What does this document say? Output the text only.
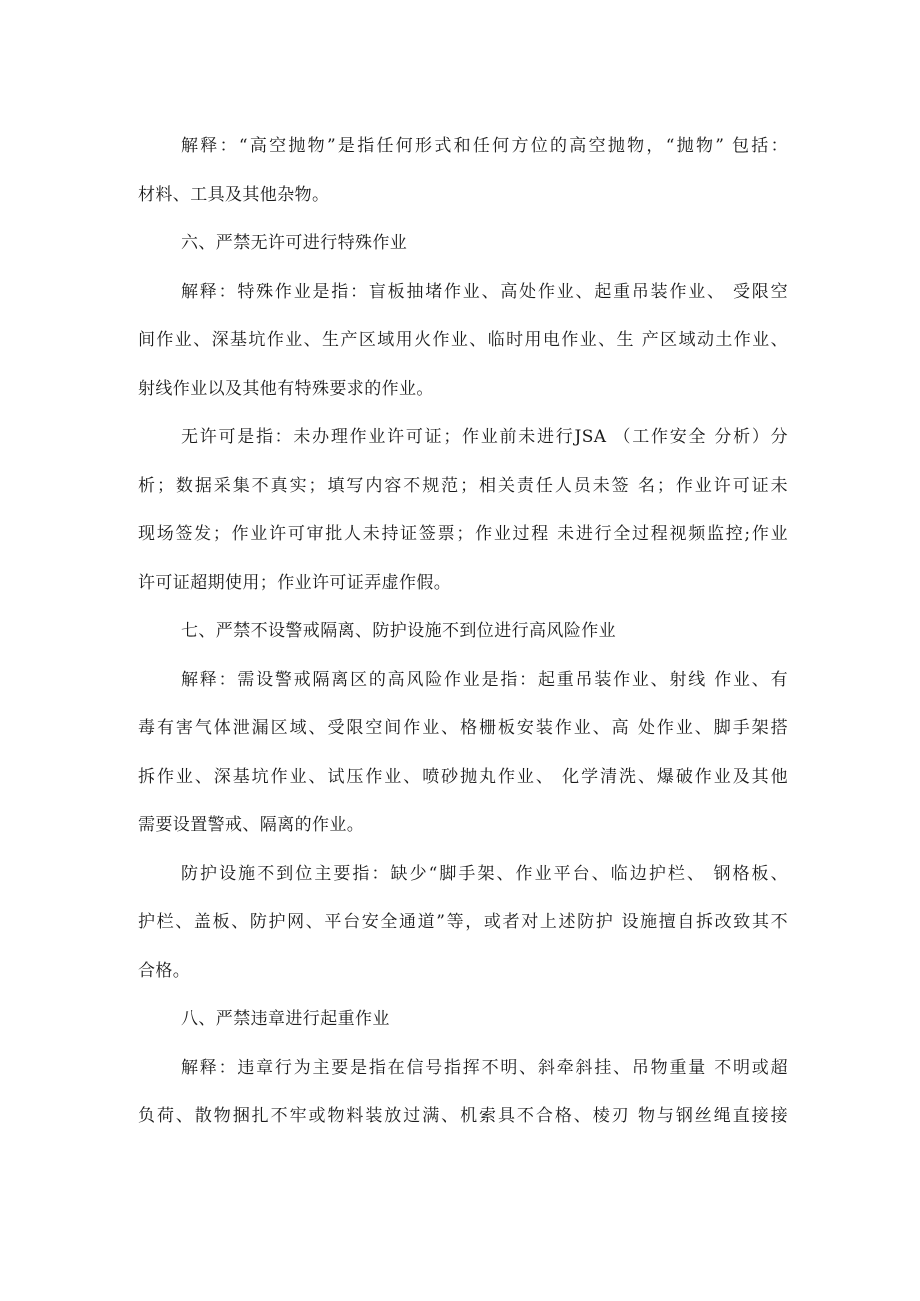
解释：“高空抛物”是指任何形式和任何方位的高空抛物，“抛物” 包括：
材料、工具及其他杂物。
六、严禁无许可进行特殊作业
解释：特殊作业是指：盲板抽堵作业、高处作业、起重吊装作业、 受限空
间作业、深基坑作业、生产区域用火作业、临时用电作业、生 产区域动土作业、
射线作业以及其他有特殊要求的作业。
无许可是指：未办理作业许可证；作业前未进行JSA （工作安全 分析）分
析；数据采集不真实；填写内容不规范；相关责任人员未签 名；作业许可证未
现场签发；作业许可审批人未持证签票；作业过程 未进行全过程视频监控;作业
许可证超期使用；作业许可证弄虚作假。
七、严禁不设警戒隔离、防护设施不到位进行高风险作业
解释：需设警戒隔离区的高风险作业是指：起重吊装作业、射线 作业、有
毒有害气体泄漏区域、受限空间作业、格栅板安装作业、高 处作业、脚手架搭
拆作业、深基坑作业、试压作业、喷砂抛丸作业、 化学清洗、爆破作业及其他
需要设置警戒、隔离的作业。
防护设施不到位主要指：缺少“脚手架、作业平台、临边护栏、 钢格板、
护栏、盖板、防护网、平台安全通道”等，或者对上述防护 设施擅自拆改致其不
合格。
八、严禁违章进行起重作业
解释：违章行为主要是指在信号指挥不明、斜牵斜挂、吊物重量 不明或超
负荷、散物捆扎不牢或物料装放过满、机索具不合格、棱刃 物与钢丝绳直接接
